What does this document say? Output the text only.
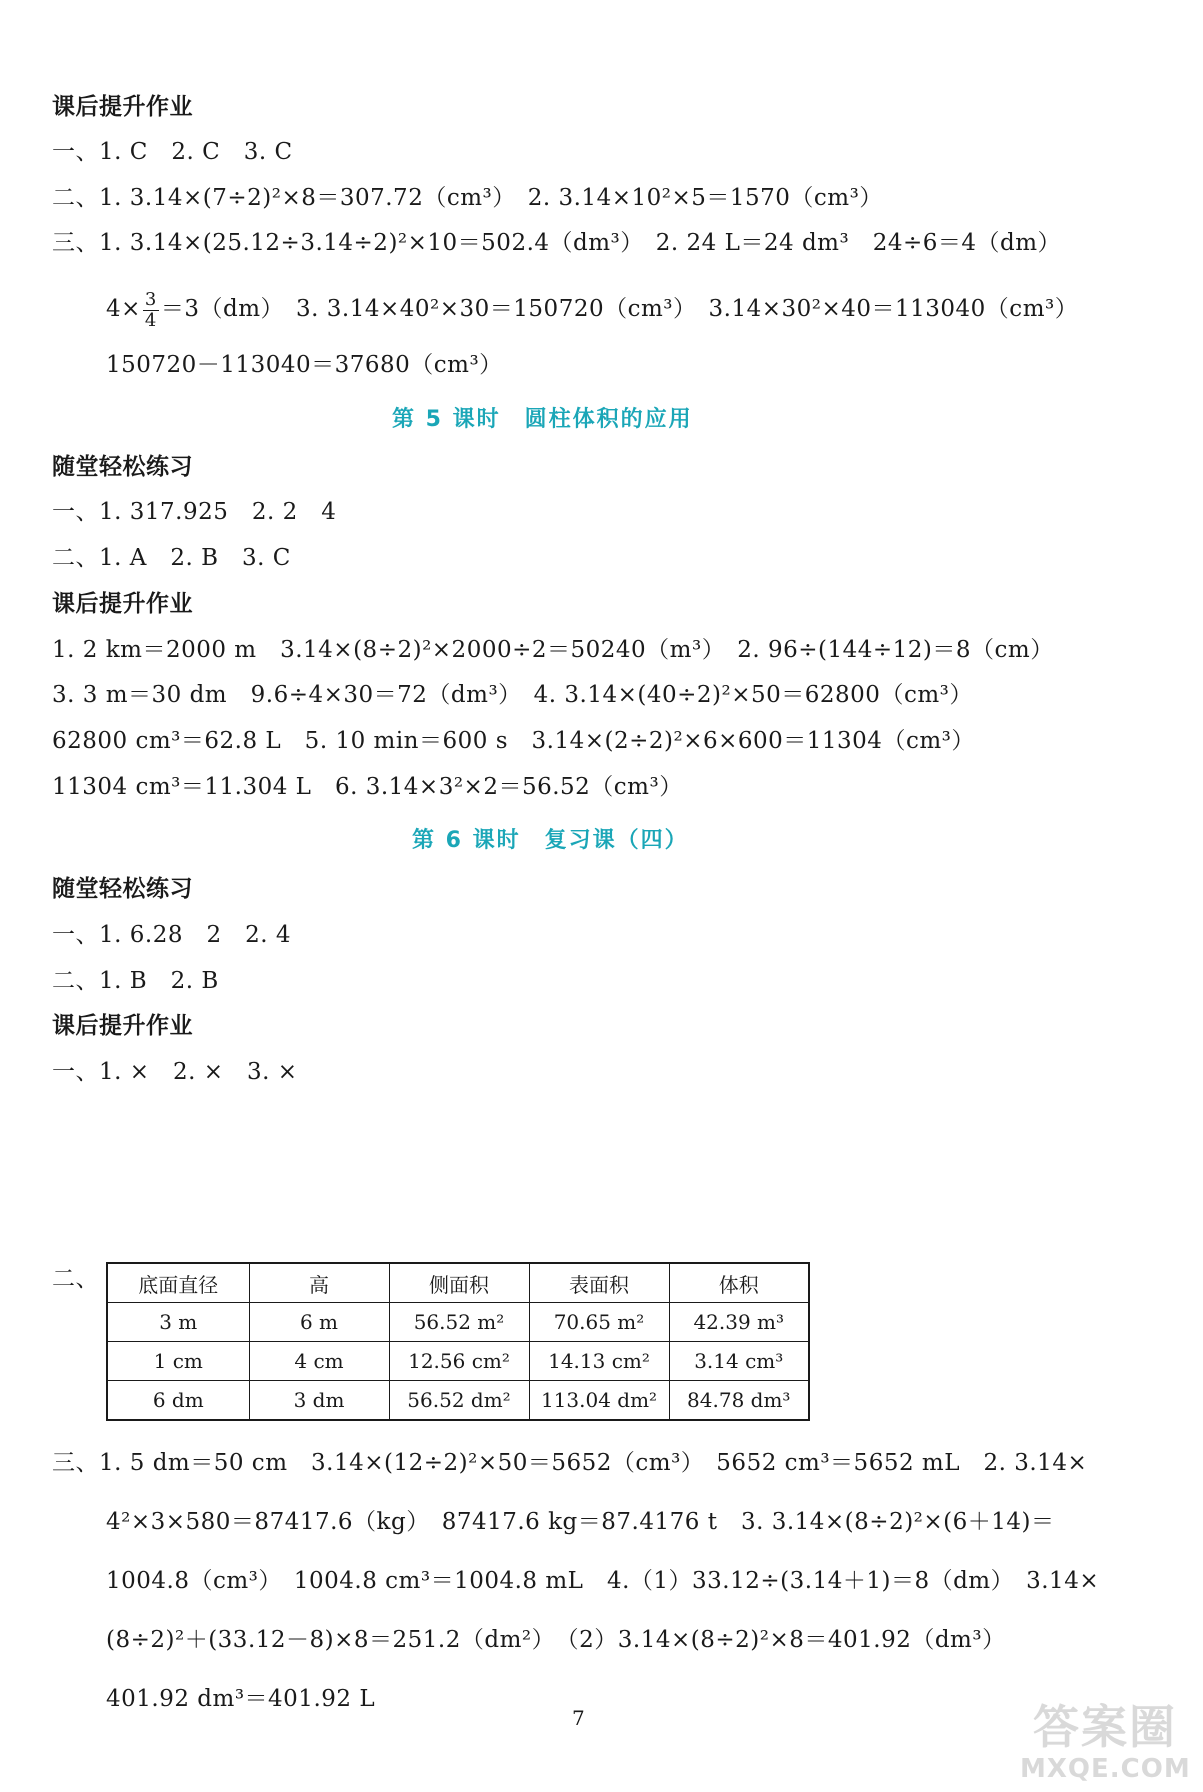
课后提升作业
一、1. C　2. C　3. C
二、1. 3.14×(7÷2)²×8＝307.72（cm³）　2. 3.14×10²×5＝1570（cm³）
三、1. 3.14×(25.12÷3.14÷2)²×10＝502.4（dm³）　2. 24 L＝24 dm³　24÷6＝4（dm）
$4\times \frac{3}{4} =3(dm)$　3. 3.14×40²×30＝150720（cm³）　3.14×30²×40＝113040（cm³）
150720－113040＝37680（cm³）
第 5 课时　圆柱体积的应用
随堂轻松练习
一、1. 317.925　2. 2　4
二、1. A　2. B　3. C
课后提升作业
1. 2 km＝2000 m　3.14×(8÷2)²×2000÷2＝50240（m³）　2. 96÷(144÷12)＝8（cm）
3. 3 m＝30 dm　9.6÷4×30＝72（dm³）　4. 3.14×(40÷2)²×50＝62800（cm³）
62800 cm³＝62.8 L　5. 10 min＝600 s　3.14×(2÷2)²×6×600＝11304（cm³）
11304 cm³＝11.304 L　6. 3.14×3²×2＝56.52（cm³）
第 6 课时　复习课（四）
随堂轻松练习
一、1. 6.28　2　2. 4
二、1. B　2. B
课后提升作业
一、1. ×　2. ×　3. ×
二、 底面直径	高	侧面积	表面积	体积
3 m	6 m	56.52 m²	70.65 m²	42.39 m³
1 cm	4 cm	12.56 cm²	14.13 cm²	3.14 cm³
6 dm	3 dm	56.52 dm²	113.04 dm²	84.78 dm³
三、1. 5 dm＝50 cm　3.14×(12÷2)²×50＝5652（cm³）　5652 cm³＝5652 mL　2. 3.14×
4²×3×580＝87417.6（kg）　87417.6 kg＝87.4176 t　3. 3.14×(8÷2)²×(6＋14)＝
1004.8（cm³）　1004.8 cm³＝1004.8 mL　4.（1）33.12÷(3.14＋1)＝8（dm）　3.14×
(8÷2)²＋(33.12－8)×8＝251.2（dm²）　（2）3.14×(8÷2)²×8＝401.92（dm³）
401.92 dm³＝401.92 L
7	答案圈
MXQE.COM
